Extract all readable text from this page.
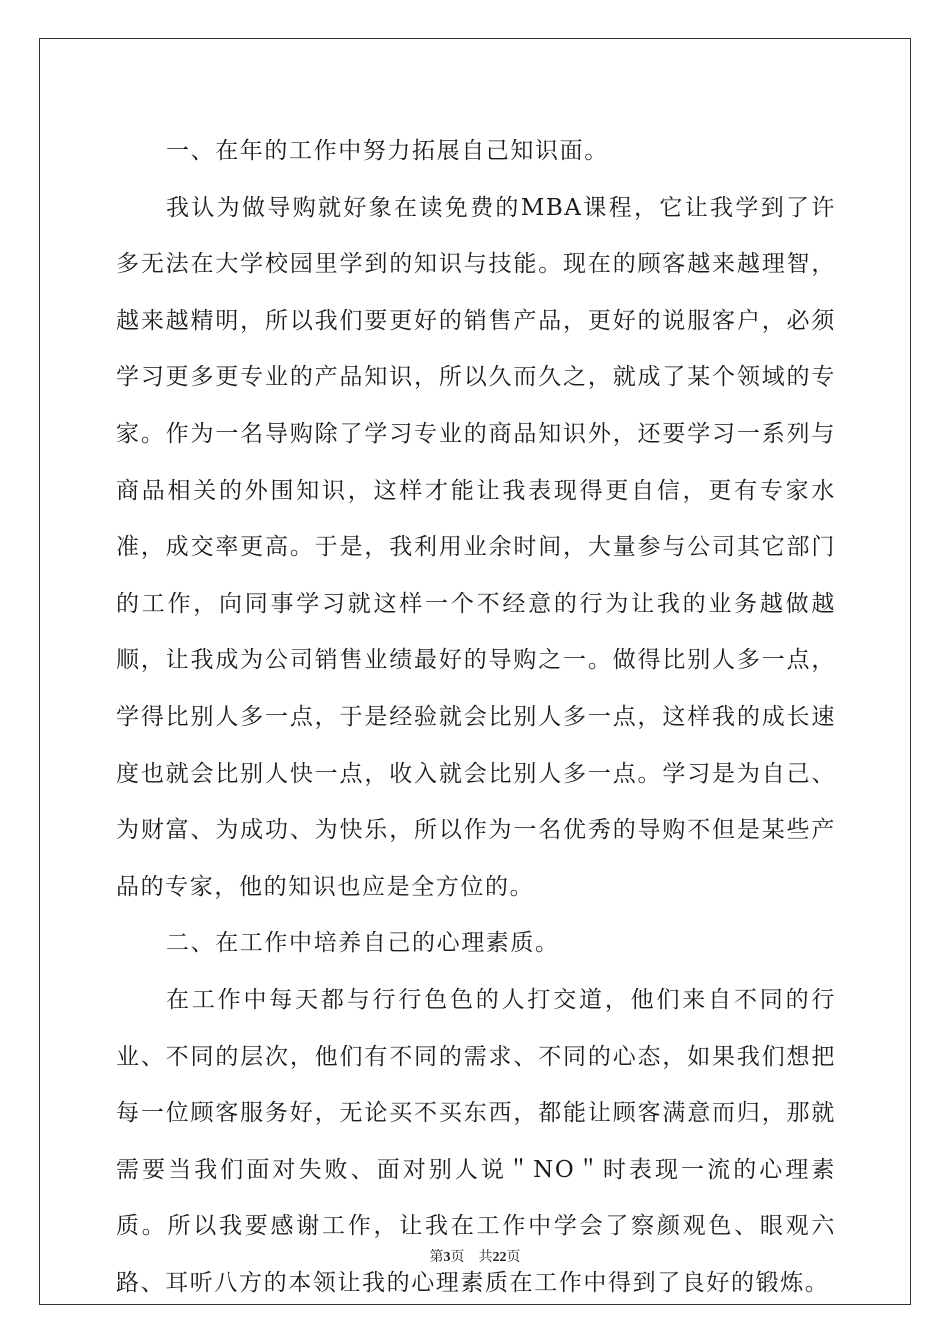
一、在年的工作中努力拓展自己知识面。

我认为做导购就好象在读免费的MBA课程，它让我学到了许多无法在大学校园里学到的知识与技能。现在的顾客越来越理智，越来越精明，所以我们要更好的销售产品，更好的说服客户，必须学习更多更专业的产品知识，所以久而久之，就成了某个领域的专家。作为一名导购除了学习专业的商品知识外，还要学习一系列与商品相关的外围知识，这样才能让我表现得更自信，更有专家水准，成交率更高。于是，我利用业余时间，大量参与公司其它部门的工作，向同事学习就这样一个不经意的行为让我的业务越做越顺，让我成为公司销售业绩最好的导购之一。做得比别人多一点，学得比别人多一点，于是经验就会比别人多一点，这样我的成长速度也就会比别人快一点，收入就会比别人多一点。学习是为自己、为财富、为成功、为快乐，所以作为一名优秀的导购不但是某些产品的专家，他的知识也应是全方位的。

二、在工作中培养自己的心理素质。

在工作中每天都与行行色色的人打交道，他们来自不同的行业、不同的层次，他们有不同的需求、不同的心态，如果我们想把每一位顾客服务好，无论买不买东西，都能让顾客满意而归，那就需要当我们面对失败、面对别人说＂NO＂时表现一流的心理素质。所以我要感谢工作，让我在工作中学会了察颜观色、眼观六路、耳听八方的本领让我的心理素质在工作中得到了良好的锻炼。

第3页 共22页
